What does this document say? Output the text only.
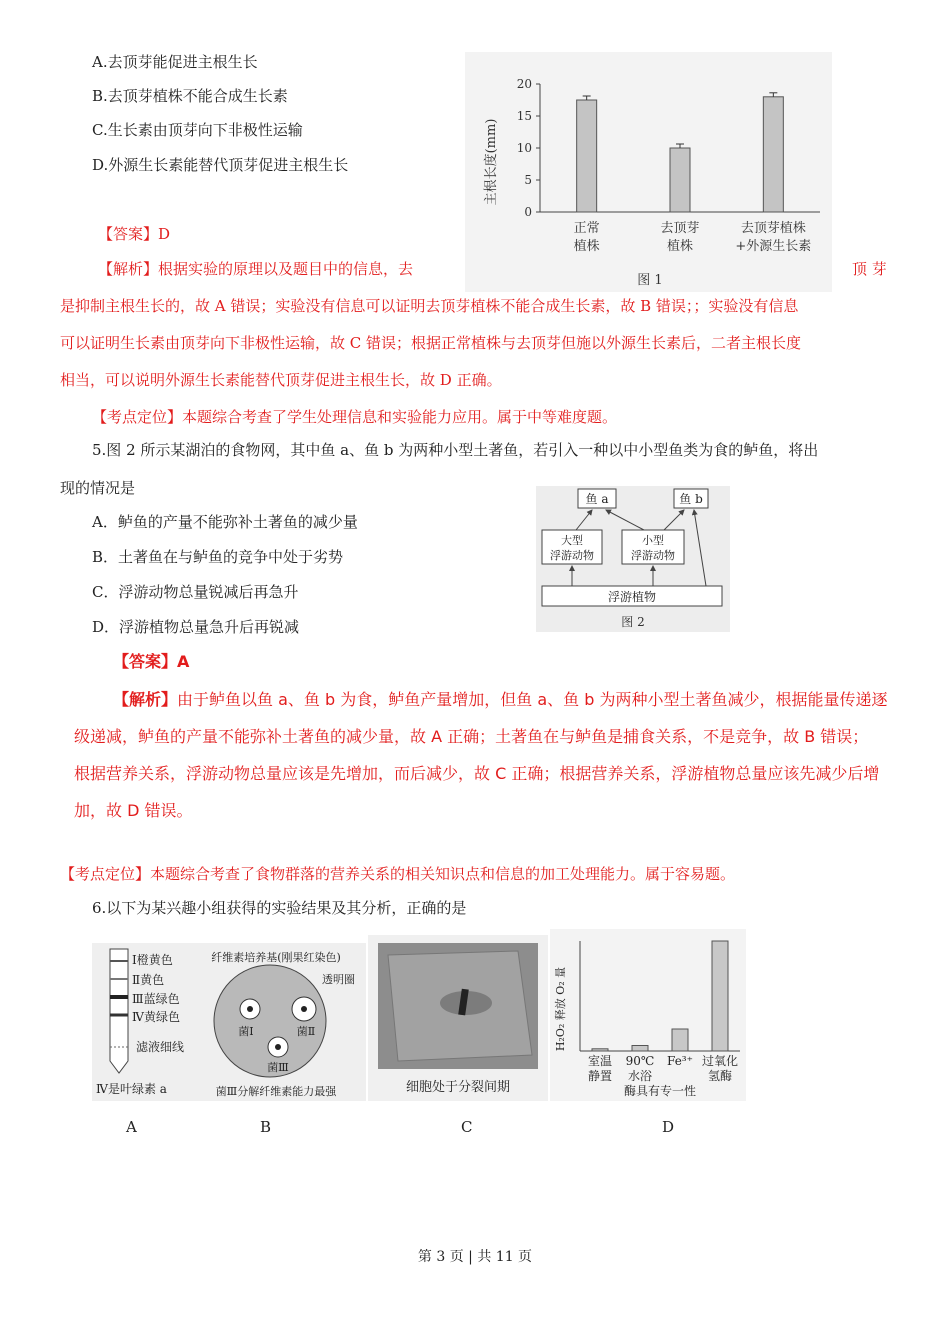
A.去顶芽能促进主根生长
B.去顶芽植株不能合成生长素
C.生长素由顶芽向下非极性运输
D.外源生长素能替代顶芽促进主根生长	主根长度(mm)
图 1
0
5
10
15
20
正常
植株
去顶芽
植株
去顶芽植株
+外源生长素
【答案】D
【解析】根据实验的原理以及题目中的信息，去	顶 芽
是抑制主根生长的，故 A 错误；实验没有信息可以证明去顶芽植株不能合成生长素，故 B 错误；；实验没有信息
可以证明生长素由顶芽向下非极性运输，故 C 错误；根据正常植株与去顶芽但施以外源生长素后，二者主根长度
相当，可以说明外源生长素能替代顶芽促进主根生长，故 D 正确。
【考点定位】本题综合考查了学生处理信息和实验能力应用。属于中等难度题。
5.图 2 所示某湖泊的食物网，其中鱼 a、鱼 b 为两种小型土著鱼，若引入一种以中小型鱼类为食的鲈鱼，将出
现的情况是
A．鲈鱼的产量不能弥补土著鱼的减少量
B．土著鱼在与鲈鱼的竞争中处于劣势
C．浮游动物总量锐减后再急升
D．浮游植物总量急升后再锐减
鱼 a	鱼 b
大型
浮游动物
小型
浮游动物
浮游植物
图 2
【答案】A
【解析】由于鲈鱼以鱼 a、鱼 b 为食，鲈鱼产量增加，但鱼 a、鱼 b 为两种小型土著鱼减少，根据能量传递逐
级递减，鲈鱼的产量不能弥补土著鱼的减少量，故 A 正确；土著鱼在与鲈鱼是捕食关系，不是竞争，故 B 错误；
根据营养关系，浮游动物总量应该是先增加，而后减少，故 C 正确；根据营养关系，浮游植物总量应该先减少后增
加，故 D 错误。
【考点定位】本题综合考查了食物群落的营养关系的相关知识点和信息的加工处理能力。属于容易题。
6.以下为某兴趣小组获得的实验结果及其分析，正确的是
Ⅰ橙黄色
Ⅱ黄色
Ⅲ蓝绿色
Ⅳ黄绿色
滤液细线
Ⅳ是叶绿素 a
纤维素培养基(刚果红染色)
菌Ⅰ	菌Ⅱ
菌Ⅲ
透明圈
菌Ⅲ分解纤维素能力最强	细胞处于分裂间期
H₂O₂ 释放 O₂ 量
酶具有专一性
室温
静置
90℃
水浴
Fe³⁺ 过氧化
氢酶
A	B	C	D
第 3 页 | 共 11 页
